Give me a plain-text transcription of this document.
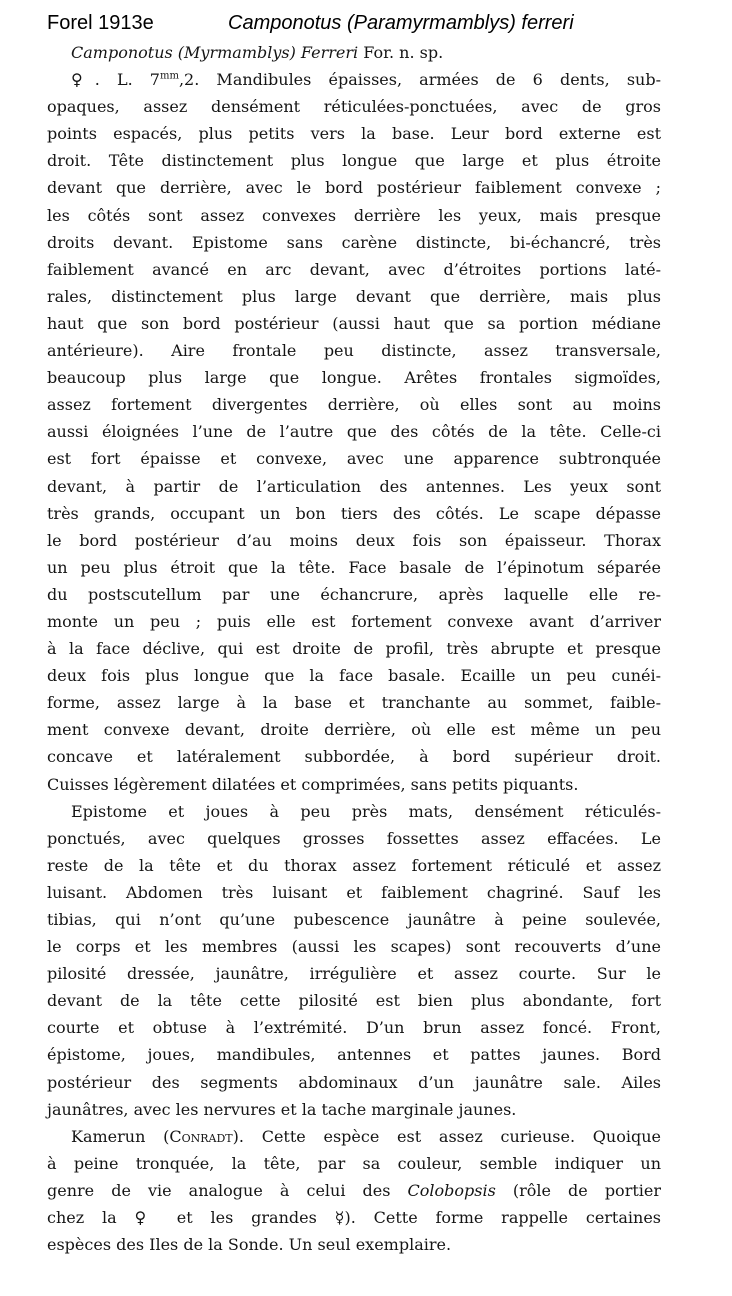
Forel 1913e	Camponotus (Paramyrmamblys) ferreri
Camponotus (Myrmamblys) Ferreri For. n. sp.
♀. L. $7^{mm},2$. Mandibules épaisses, armées de 6 dents, sub-
opaques, assez densément réticulées-ponctuées, avec de gros
points espacés, plus petits vers la base. Leur bord externe est
droit. Tête distinctement plus longue que large et plus étroite
devant que derrière, avec le bord postérieur faiblement convexe ;
les côtés sont assez convexes derrière les yeux, mais presque
droits devant. Epistome sans carène distincte, bi-échancré, très
faiblement avancé en arc devant, avec d’étroites portions laté-
rales, distinctement plus large devant que derrière, mais plus
haut que son bord postérieur (aussi haut que sa portion médiane
antérieure). Aire frontale peu distincte, assez transversale,
beaucoup plus large que longue. Arêtes frontales sigmoïdes,
assez fortement divergentes derrière, où elles sont au moins
aussi éloignées l’une de l’autre que des côtés de la tête. Celle-ci
est fort épaisse et convexe, avec une apparence subtronquée
devant, à partir de l’articulation des antennes. Les yeux sont
très grands, occupant un bon tiers des côtés. Le scape dépasse
le bord postérieur d’au moins deux fois son épaisseur. Thorax
un peu plus étroit que la tête. Face basale de l’épinotum séparée
du postscutellum par une échancrure, après laquelle elle re-
monte un peu ; puis elle est fortement convexe avant d’arriver
à la face déclive, qui est droite de profil, très abrupte et presque
deux fois plus longue que la face basale. Ecaille un peu cunéi-
forme, assez large à la base et tranchante au sommet, faible-
ment convexe devant, droite derrière, où elle est même un peu
concave et latéralement subbordée, à bord supérieur droit.
Cuisses légèrement dilatées et comprimées, sans petits piquants.
Epistome et joues à peu près mats, densément réticulés-
ponctués, avec quelques grosses fossettes assez effacées. Le
reste de la tête et du thorax assez fortement réticulé et assez
luisant. Abdomen très luisant et faiblement chagriné. Sauf les
tibias, qui n’ont qu’une pubescence jaunâtre à peine soulevée,
le corps et les membres (aussi les scapes) sont recouverts d’une
pilosité dressée, jaunâtre, irrégulière et assez courte. Sur le
devant de la tête cette pilosité est bien plus abondante, fort
courte et obtuse à l’extrémité. D’un brun assez foncé. Front,
épistome, joues, mandibules, antennes et pattes jaunes. Bord
postérieur des segments abdominaux d’un jaunâtre sale. Ailes
jaunâtres, avec les nervures et la tache marginale jaunes.
Kamerun (Conradt). Cette espèce est assez curieuse. Quoique
à peine tronquée, la tête, par sa couleur, semble indiquer un
genre de vie analogue à celui des Colobopsis (rôle de portier
chez la ♀ et les grandes ☿). Cette forme rappelle certaines
espèces des Iles de la Sonde. Un seul exemplaire.
